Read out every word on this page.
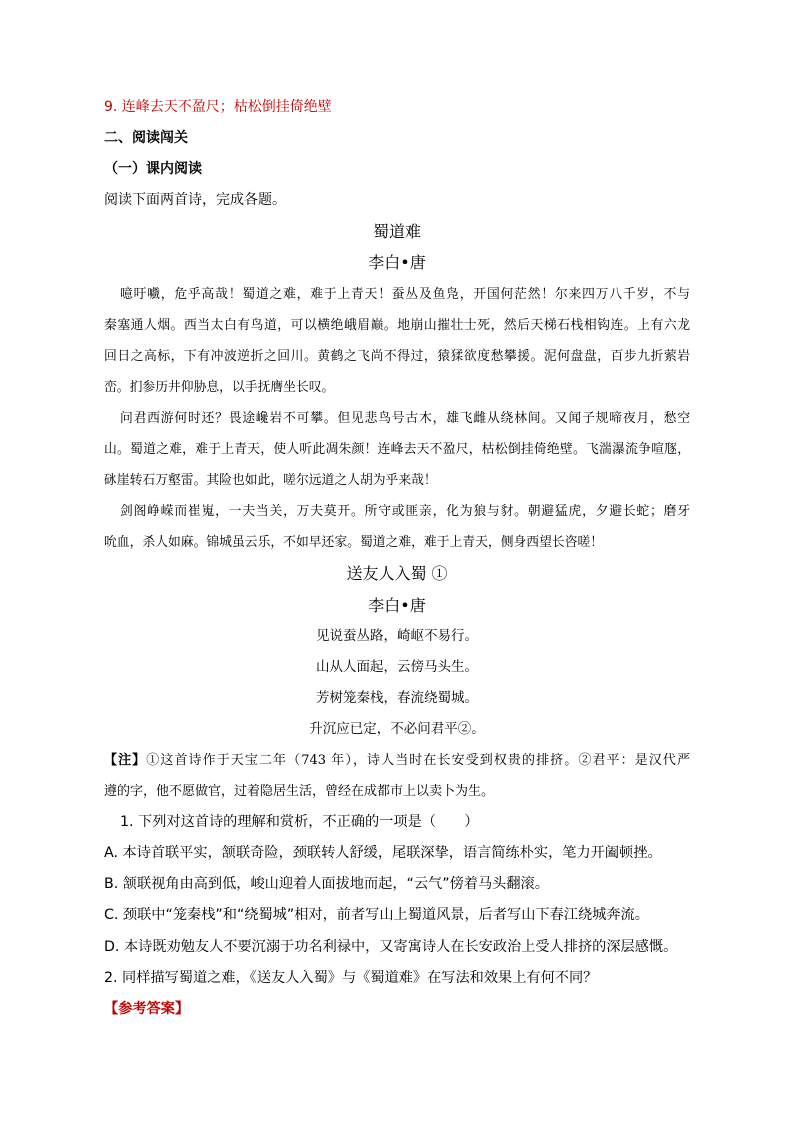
9. 连峰去天不盈尺；枯松倒挂倚绝壁
二、阅读闯关
（一）课内阅读
阅读下面两首诗，完成各题。
蜀道难
李白•唐
噫吁嚱，危乎高哉！蜀道之难，难于上青天！蚕丛及鱼凫，开国何茫然！尔来四万八千岁，不与
秦塞通人烟。西当太白有鸟道，可以横绝峨眉巅。地崩山摧壮士死，然后天梯石栈相钩连。上有六龙
回日之高标，下有冲波逆折之回川。黄鹤之飞尚不得过，猿猱欲度愁攀援。泥何盘盘，百步九折萦岩
峦。扪参历井仰胁息，以手抚膺坐长叹。
问君西游何时还？畏途巉岩不可攀。但见悲鸟号古木，雄飞雌从绕林间。又闻子规啼夜月，愁空
山。蜀道之难，难于上青天，使人听此凋朱颜！连峰去天不盈尺，枯松倒挂倚绝壁。飞湍瀑流争喧豗，
砯崖转石万壑雷。其险也如此，嗟尔远道之人胡为乎来哉！
剑阁峥嵘而崔嵬，一夫当关，万夫莫开。所守或匪亲，化为狼与豺。朝避猛虎，夕避长蛇；磨牙
吮血，杀人如麻。锦城虽云乐，不如早还家。蜀道之难，难于上青天，侧身西望长咨嗟！
送友人入蜀 ①
李白•唐
见说蚕丛路，崎岖不易行。
山从人面起，云傍马头生。
芳树笼秦栈，春流绕蜀城。
升沉应已定，不必问君平②。
【注】①这首诗作于天宝二年（743 年），诗人当时在长安受到权贵的排挤。②君平：是汉代严
遵的字，他不愿做官，过着隐居生活，曾经在成都市上以卖卜为生。
1. 下列对这首诗的理解和赏析，不正确的一项是（　　）
A. 本诗首联平实，颔联奇险，颈联转人舒缓，尾联深挚，语言简练朴实，笔力开阖顿挫。
B. 颔联视角由高到低，峻山迎着人面拔地而起，“云气”傍着马头翻滚。
C. 颈联中“笼秦栈”和“绕蜀城”相对，前者写山上蜀道风景，后者写山下春江绕城奔流。
D. 本诗既劝勉友人不要沉溺于功名利禄中，又寄寓诗人在长安政治上受人排挤的深层感慨。
2. 同样描写蜀道之难，《送友人入蜀》与《蜀道难》在写法和效果上有何不同？
【参考答案】
